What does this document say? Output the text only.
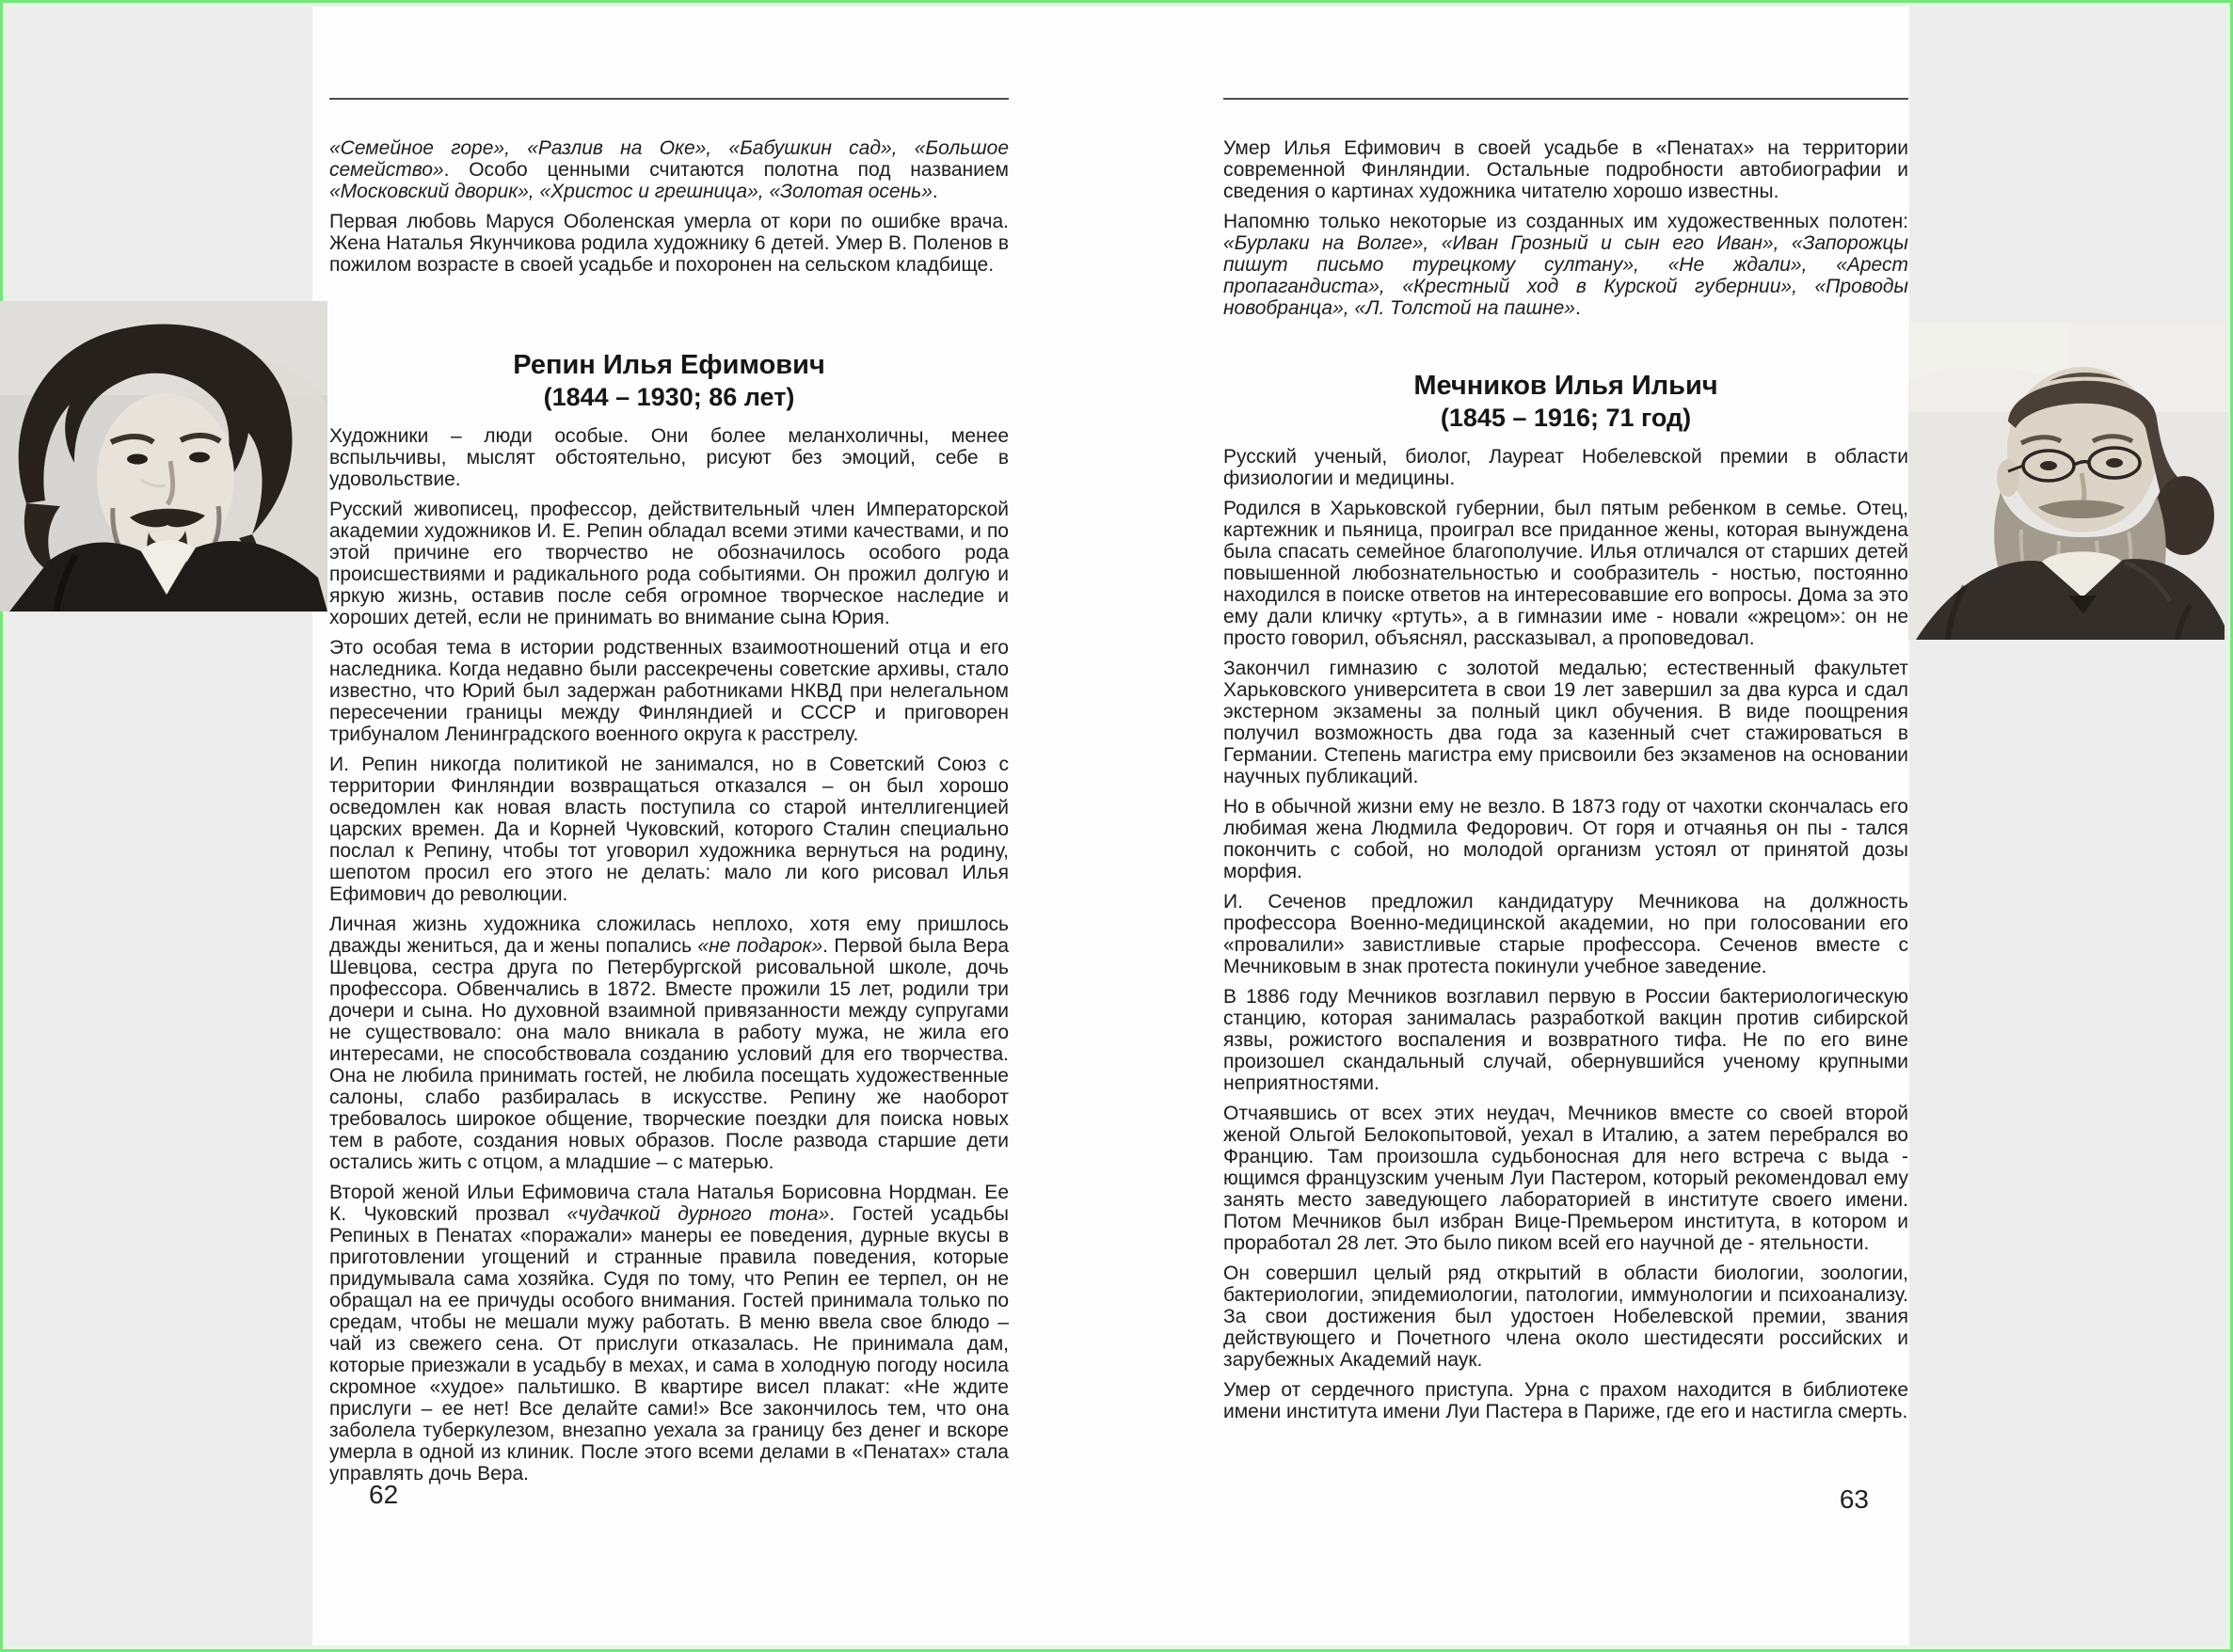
«Семейное горе», «Разлив на Оке», «Бабушкин сад», «Большое семейство». Особо ценными считаются полотна под названием «Московский дворик», «Христос и грешница», «Золотая осень».

Первая любовь Маруся Оболенская умерла от кори по ошибке врача. Жена Наталья Якунчикова родила художнику 6 детей. Умер В. Поленов в пожилом возрасте в своей усадьбе и похоронен на сельском кладбище.

Репин Илья Ефимович
(1844 – 1930; 86 лет)

Художники – люди особые. Они более меланхоличны, менее вспыльчивы, мыслят обстоятельно, рисуют без эмоций, себе в удовольствие.

Русский живописец, профессор, действительный член Императорской академии художников И. Е. Репин обладал всеми этими качествами, и по этой причине его творчество не обозначилось особого рода происшествиями и радикального рода событиями. Он прожил долгую и яркую жизнь, оставив после себя огромное творческое наследие и хороших детей, если не принимать во внимание сына Юрия.

Это особая тема в истории родственных взаимоотношений отца и его наследника. Когда недавно были рассекречены советские архивы, стало известно, что Юрий был задержан работниками НКВД при нелегальном пересечении границы между Финляндией и СССР и приговорен трибуналом Ленинградского военного округа к расстрелу.

И. Репин никогда политикой не занимался, но в Советский Союз с территории Финляндии возвращаться отказался – он был хорошо осведомлен как новая власть поступила со старой интеллигенцией царских времен. Да и Корней Чуковский, которого Сталин специально послал к Репину, чтобы тот уговорил художника вернуться на родину, шепотом просил его этого не делать: мало ли кого рисовал Илья Ефимович до революции.

Личная жизнь художника сложилась неплохо, хотя ему пришлось дважды жениться, да и жены попались «не подарок». Первой была Вера Шевцова, сестра друга по Петербургской рисовальной школе, дочь профессора. Обвенчались в 1872. Вместе прожили 15 лет, родили три дочери и сына. Но духовной взаимной привязанности между супругами не существовало: она мало вникала в работу мужа, не жила его интересами, не способствовала созданию условий для его творчества. Она не любила принимать гостей, не любила посещать художественные салоны, слабо разбиралась в искусстве. Репину же наоборот требовалось широкое общение, творческие поездки для поиска новых тем в работе, создания новых образов. После развода старшие дети остались жить с отцом, а младшие – с матерью.

Второй женой Ильи Ефимовича стала Наталья Борисовна Нордман. Ее К. Чуковский прозвал «чудачкой дурного тона». Гостей усадьбы Репиных в Пенатах «поражали» манеры ее поведения, дурные вкусы в приготовлении угощений и странные правила поведения, которые придумывала сама хозяйка. Судя по тому, что Репин ее терпел, он не обращал на ее причуды особого внимания. Гостей принимала только по средам, чтобы не мешали мужу работать. В меню ввела свое блюдо – чай из свежего сена. От прислуги отказалась. Не принимала дам, которые приезжали в усадьбу в мехах, и сама в холодную погоду носила скромное «худое» пальтишко. В квартире висел плакат: «Не ждите прислуги – ее нет! Все делайте сами!» Все закончилось тем, что она заболела туберкулезом, внезапно уехала за границу без денег и вскоре умерла в одной из клиник. После этого всеми делами в «Пенатах» стала управлять дочь Вера.

62

Умер Илья Ефимович в своей усадьбе в «Пенатах» на территории современной Финляндии. Остальные подробности автобиографии и сведения о картинах художника читателю хорошо известны.

Напомню только некоторые из созданных им художественных полотен: «Бурлаки на Волге», «Иван Грозный и сын его Иван», «Запорожцы пишут письмо турецкому султану», «Не ждали», «Арест пропагандиста», «Крестный ход в Курской губернии», «Проводы новобранца», «Л. Толстой на пашне».

Мечников Илья Ильич
(1845 – 1916; 71 год)

Русский ученый, биолог, Лауреат Нобелевской премии в области физиологии и медицины.

Родился в Харьковской губернии, был пятым ребенком в семье. Отец, картежник и пьяница, проиграл все приданное жены, которая вынуждена была спасать семейное благополучие. Илья отличался от старших детей повышенной любознательностью и сообразитель - ностью, постоянно находился в поиске ответов на интересовавшие его вопросы. Дома за это ему дали кличку «ртуть», а в гимназии име - новали «жрецом»: он не просто говорил, объяснял, рассказывал, а проповедовал.

Закончил гимназию с золотой медалью; естественный факультет Харьковского университета в свои 19 лет завершил за два курса и сдал экстерном экзамены за полный цикл обучения. В виде поощрения получил возможность два года за казенный счет стажироваться в Германии. Степень магистра ему присвоили без экзаменов на основании научных публикаций.

Но в обычной жизни ему не везло. В 1873 году от чахотки скончалась его любимая жена Людмила Федорович. От горя и отчаянья он пы - тался покончить с собой, но молодой организм устоял от принятой дозы морфия.

И. Сеченов предложил кандидатуру Мечникова на должность профессора Военно-медицинской академии, но при голосовании его «провалили» завистливые старые профессора. Сеченов вместе с Мечниковым в знак протеста покинули учебное заведение.

В 1886 году Мечников возглавил первую в России бактериологическую станцию, которая занималась разработкой вакцин против сибирской язвы, рожистого воспаления и возвратного тифа. Не по его вине произошел скандальный случай, обернувшийся ученому крупными неприятностями.

Отчаявшись от всех этих неудач, Мечников вместе со своей второй женой Ольгой Белокопытовой, уехал в Италию, а затем перебрался во Францию. Там произошла судьбоносная для него встреча с выда - ющимся французским ученым Луи Пастером, который рекомендовал ему занять место заведующего лабораторией в институте своего имени. Потом Мечников был избран Вице-Премьером института, в котором и проработал 28 лет. Это было пиком всей его научной де - ятельности.

Он совершил целый ряд открытий в области биологии, зоологии, бактериологии, эпидемиологии, патологии, иммунологии и психоанализу. За свои достижения был удостоен Нобелевской премии, звания действующего и Почетного члена около шестидесяти российских и зарубежных Академий наук.

Умер от сердечного приступа. Урна с прахом находится в библиотеке имени института имени Луи Пастера в Париже, где его и настигла смерть.

63
